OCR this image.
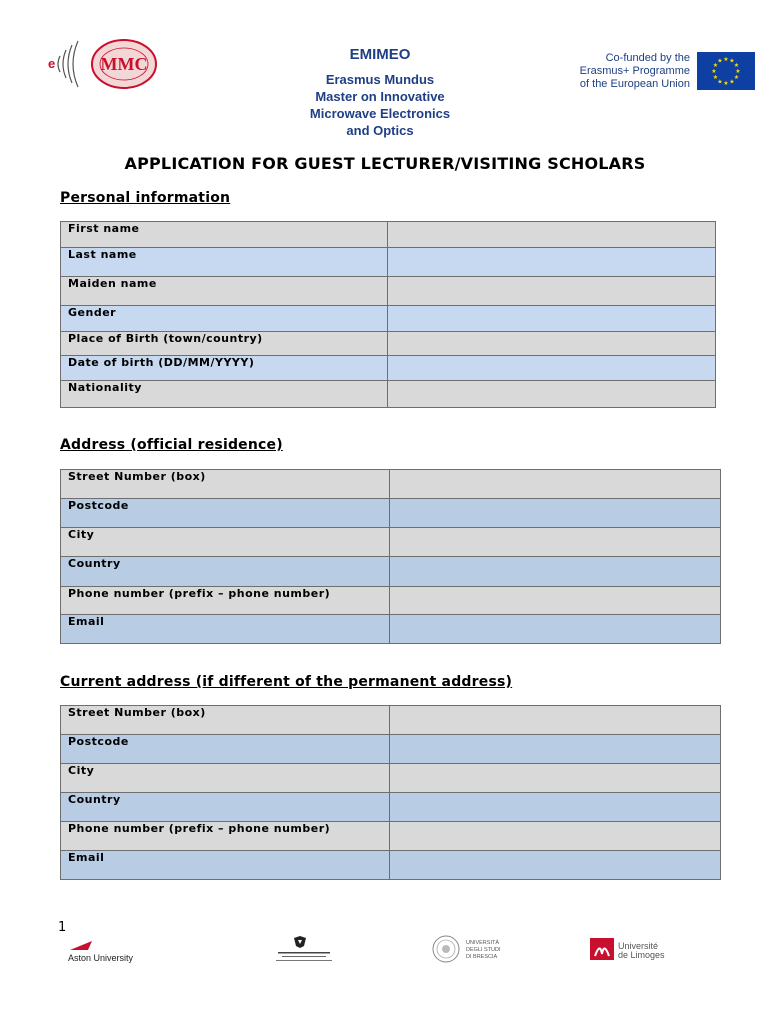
e	MMC	EMIMEO
Erasmus Mundus
Master on Innovative
Microwave Electronics
and Optics
Co-funded by the
Erasmus+ Programme
of the European Union
★ ★
★
★
★
★
★
★
★
★
★
★
APPLICATION FOR GUEST LECTURER/VISITING SCHOLARS
Personal information
First name	
Last name	
Maiden name	
Gender	
Place of Birth (town/country)	
Date of birth (DD/MM/YYYY)	
Nationality	
Address (official residence)
Street Number (box)	
Postcode	
City	
Country	
Phone number (prefix – phone number)	
Email	
Current address (if different of the permanent address)
Street Number (box)	
Postcode	
City	
Country	
Phone number (prefix – phone number)	
Email	
1
Aston University
UNIVERSITÀ
DEGLI STUDI
DI BRESCIA
Université
de Limoges
